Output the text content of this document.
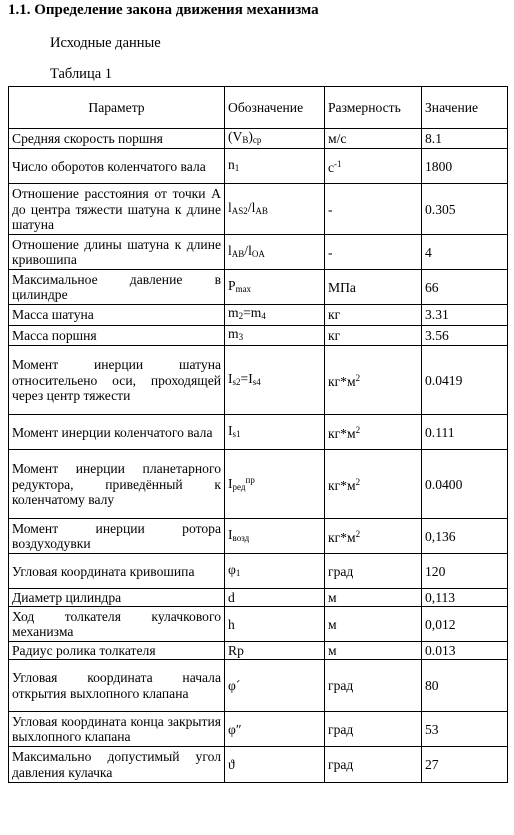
1.1. Определение закона движения механизма
Исходные данные
Таблица 1
Параметр	Обозначение	Размерность	Значение
Средняя скорость поршня	$(V_B)_{ср}$	м/с	8.1
Число оборотов коленчатого вала	$n_1$	$с^{-1}$	1800
Отношение расстояния от точки А до центра тяжести шатуна к длине шатуна	$l_{AS2}/l_{AB}$	-	0.305
Отношение длины шатуна к длине кривошипа	$l_{AB}/l_{OA}$	-	4
Максимальное давление в цилиндре	$P_{max}$	МПа	66
Масса шатуна	$m_2=m_4$	кг	3.31
Масса поршня	$m_3$	кг	3.56
Момент инерции шатуна относительено оси, проходящей через центр тяжести	$I_{s2}=I_{s4}$	$кг*м^2$	0.0419
Момент инерции коленчатого вала	$I_{s1}$	$кг*м^2$	0.111
Момент инерции планетарного редуктора, приведённый к коленчатому валу	$I_{ред}^{пр}$	$кг*м^2$	0.0400
Момент инерции ротора воздуходувки	$I_{возд}$	$кг*м^2$	0,136
Угловая координата кривошипа	$\varphi_1$	град	120
Диаметр цилиндра	d	м	0,113
Ход толкателя кулачкового механизма	h	м	0,012
Радиус ролика толкателя	Rp	м	0.013
Угловая координата начала открытия выхлопного клапана	φ´	град	80
Угловая координата конца закрытия выхлопного клапана	φ″	град	53
Максимально допустимый угол давления кулачка	ϑ	град	27
